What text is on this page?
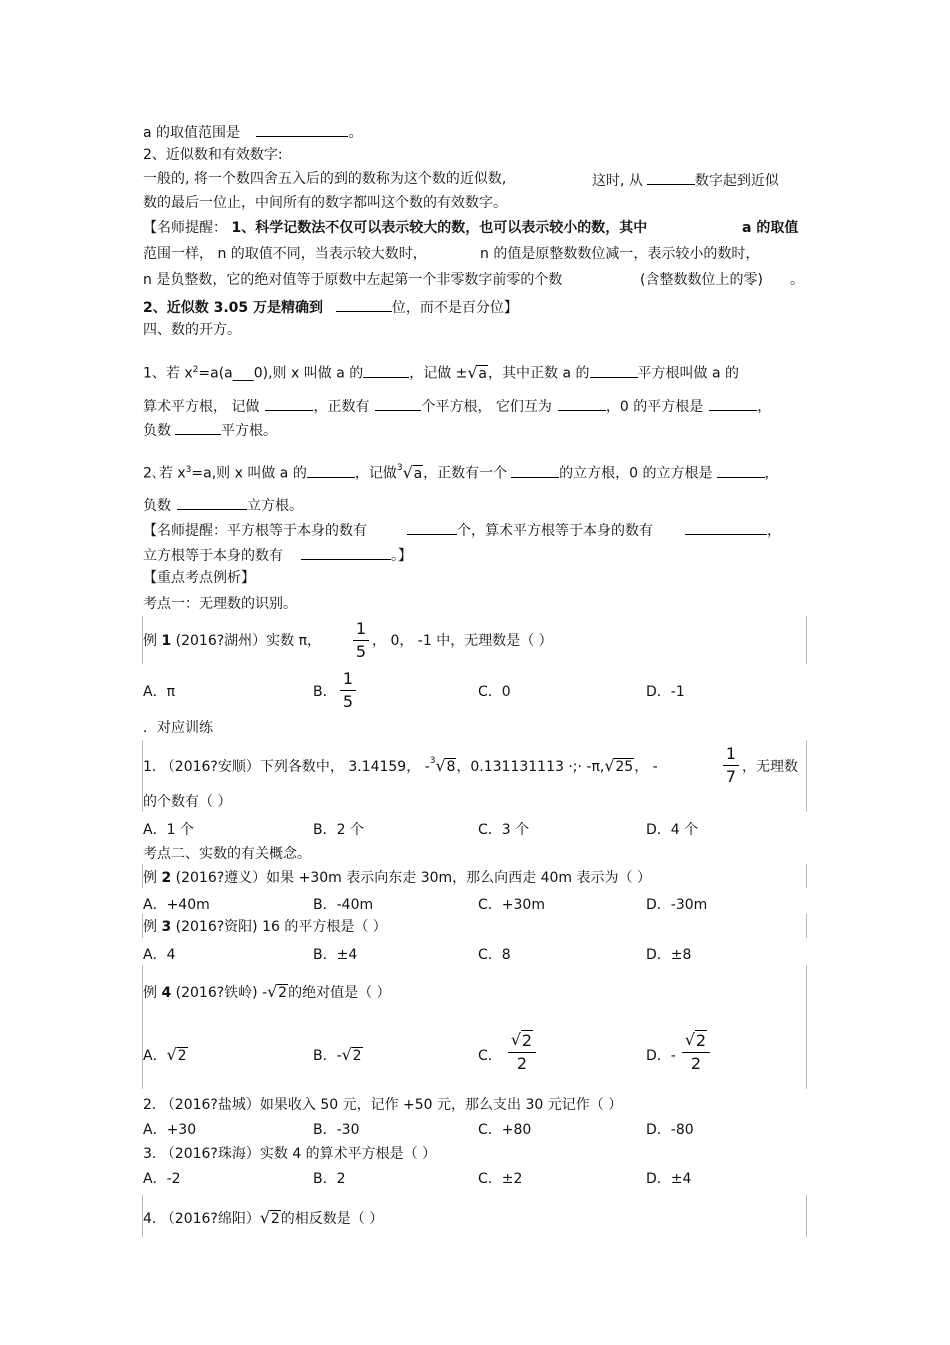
a 的取值范围是	。
2、近似数和有效数字:
一般的, 将一个数四舍五入后的到的数称为这个数的近似数,	这时, 从	数字起到近似
数的最后一位止，中间所有的数字都叫这个数的有效数字。
【名师提醒： 1、科学记数法不仅可以表示较大的数，也可以表示较小的数，其中	a 的取值
范围一样， n 的取值不同，当表示较大数时，	n 的值是原整数数位减一，表示较小的数时，
n 是负整数，它的绝对值等于原数中左起第一个非零数字前零的个数	(含整数数位上的零) 。
2、近似数 3.05 万是精确到	位，而不是百分位】
四、数的开方。
1、若 $x^2=a(a\_\_\_0)$,则 x 叫做 a 的	，记做 ± √ a，其中正数 a 的	平方根叫做 a 的
算术平方根， 记做	，正数有	个平方根， 它们互为	，0 的平方根是	，
负数	平方根。
2､若 $x^3=a$,则 x 叫做 a 的	，记做$^3$ √ a，正数有一个	的立方根，0 的立方根是	，
负数	立方根。
【名师提醒：平方根等于本身的数有	个，算术平方根等于本身的数有	，
立方根等于本身的数有	。】
【重点考点例析】
考点一：无理数的识别。
例 1 (2016?湖州）实数 π，
1
5
， 0， -1 中，无理数是（ ）
A．π	B．
1
5	C．0	D．-1
．对应训练
1. （2016?安顺）下列各数中， 3.14159， -$^3$ √ 8，0.131131113 ·;· -π, √ 25， -
1
7 ，无理数
的个数有（ ）
A．1 个	B．2 个	C．3 个	D．4 个
考点二、实数的有关概念。
例 2 (2016?遵义）如果 +30m 表示向东走 30m，那么向西走 40m 表示为（ ）
A．+40m	B．-40m	C．+30m	D．-30m
例 3 (2016?资阳) 16 的平方根是（ ）
A．4	B．±4	C．8	D．±8
例 4 (2016?铁岭) - √ 2的绝对值是（ ）
A． √ 2	B．- √ 2	C．
√ 2
2	D．-
√ 2
2
2. （2016?盐城）如果收入 50 元，记作 +50 元，那么支出 30 元记作（ ）
A．+30	B．-30	C．+80	D．-80
3. （2016?珠海）实数 4 的算术平方根是（ ）
A．-2	B．2	C．±2	D．±4
4. （2016?绵阳） √ 2的相反数是（ ）
